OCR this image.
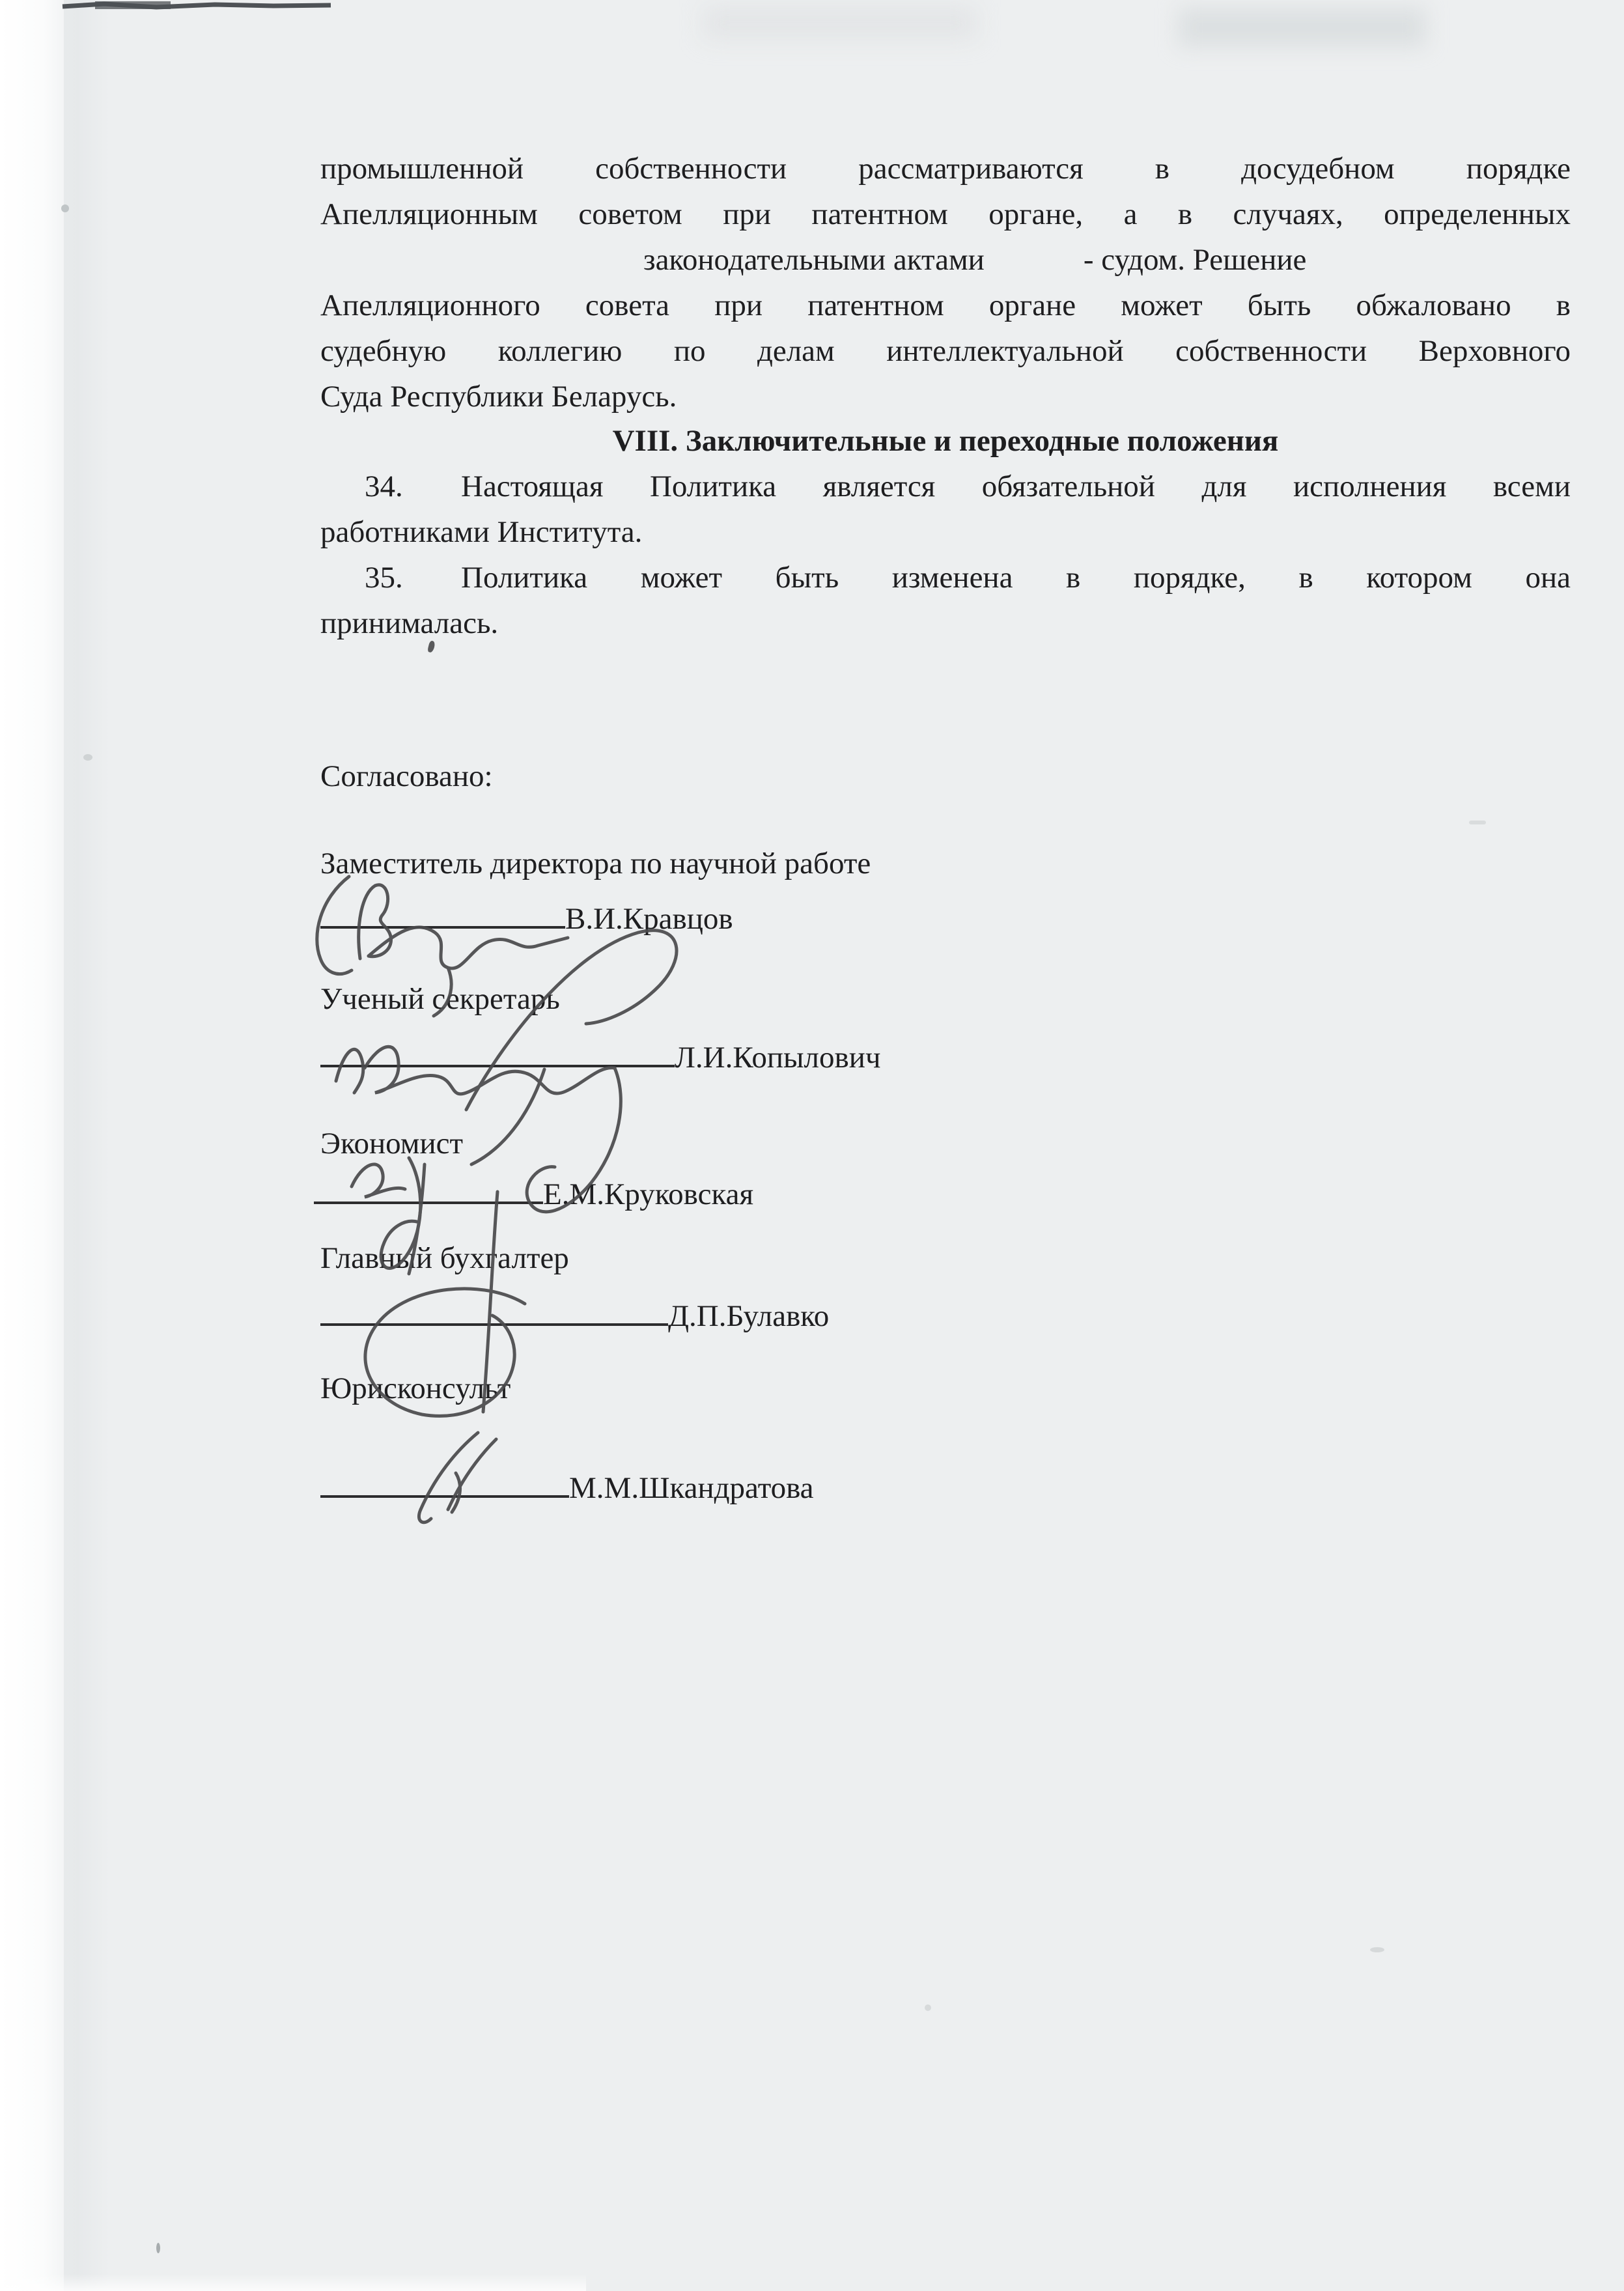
промышленной собственности рассматриваются в досудебном порядке
Апелляционным советом при патентном органе, а в случаях, определенных
законодательными актами	- судом. Решение
Апелляционного совета при патентном органе может быть обжаловано в
судебную коллегию по делам интеллектуальной собственности Верховного
Суда Республики Беларусь.
VIII. Заключительные и переходные положения
34. Настоящая Политика является обязательной для исполнения всеми
работниками Института.
35. Политика может быть изменена в порядке, в котором она
принималась.
Согласовано:
Заместитель директора по научной работе
В.И.Кравцов
Ученый секретарь
Л.И.Копылович
Экономист
Е.М.Круковская
Главный бухгалтер
Д.П.Булавко
Юрисконсульт
М.М.Шкандратова
